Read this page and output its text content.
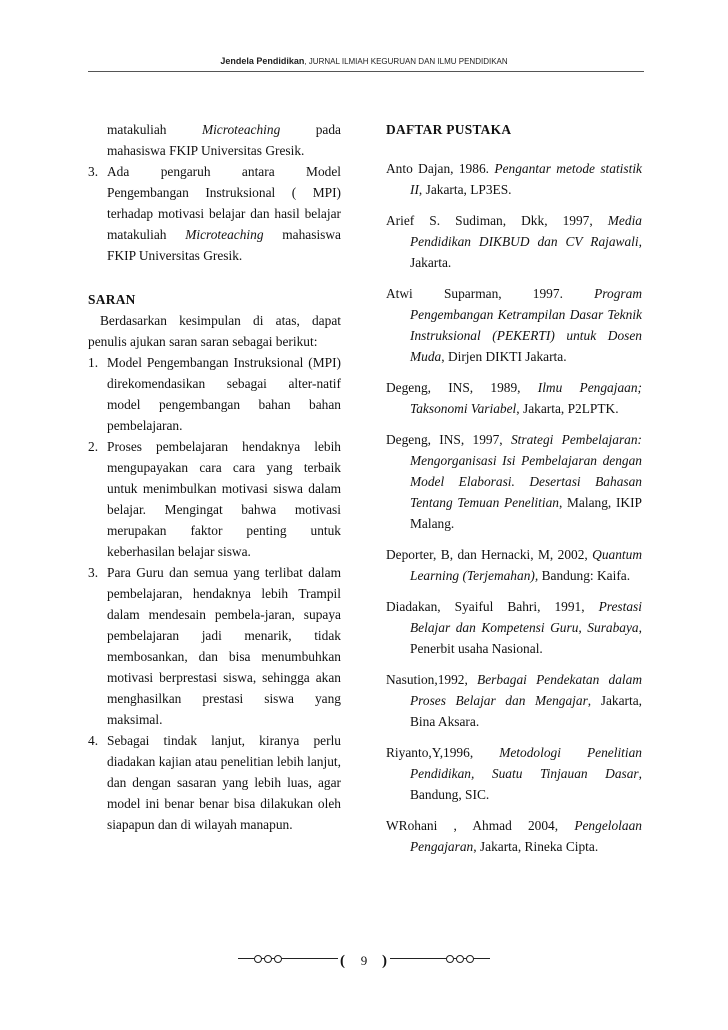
Jendela Pendidikan, JURNAL ILMIAH KEGURUAN DAN ILMU PENDIDIKAN
matakuliah	Microteaching	pada
mahasiswa FKIP Universitas Gresik.
3. Ada pengaruh antara Model Pengembangan Instruksional ( MPI) terhadap motivasi belajar dan hasil belajar matakuliah Microteaching mahasiswa FKIP Universitas Gresik.
SARAN
Berdasarkan kesimpulan di atas, dapat penulis ajukan saran saran sebagai berikut:
1. Model Pengembangan Instruksional (MPI) direkomendasikan sebagai alter-natif model pengembangan bahan bahan pembelajaran.
2. Proses pembelajaran hendaknya lebih mengupayakan cara cara yang terbaik untuk menimbulkan motivasi siswa dalam belajar. Mengingat bahwa motivasi merupakan faktor penting untuk keberhasilan belajar siswa.
3. Para Guru dan semua yang terlibat dalam pembelajaran, hendaknya lebih Trampil dalam mendesain pembela-jaran, supaya pembelajaran jadi menarik, tidak membosankan, dan bisa menumbuhkan motivasi berprestasi siswa, sehingga akan menghasilkan prestasi siswa yang maksimal.
4. Sebagai tindak lanjut, kiranya perlu diadakan kajian atau penelitian lebih lanjut, dan dengan sasaran yang lebih luas, agar model ini benar benar bisa dilakukan oleh siapapun dan di wilayah manapun.
DAFTAR PUSTAKA
Anto Dajan, 1986. Pengantar metode statistik II, Jakarta, LP3ES.
Arief S. Sudiman, Dkk, 1997, Media Pendidikan DIKBUD dan CV Rajawali, Jakarta.
Atwi Suparman, 1997. Program Pengembangan Ketrampilan Dasar Teknik Instruksional (PEKERTI) untuk Dosen Muda, Dirjen DIKTI Jakarta.
Degeng, INS, 1989, Ilmu Pengajaan; Taksonomi Variabel, Jakarta, P2LPTK.
Degeng, INS, 1997, Strategi Pembelajaran: Mengorganisasi Isi Pembelajaran dengan Model Elaborasi. Desertasi Bahasan Tentang Temuan Penelitian, Malang, IKIP Malang.
Deporter, B, dan Hernacki, M, 2002, Quantum Learning (Terjemahan), Bandung: Kaifa.
Diadakan, Syaiful Bahri, 1991, Prestasi Belajar dan Kompetensi Guru, Surabaya, Penerbit usaha Nasional.
Nasution,1992, Berbagai Pendekatan dalam Proses Belajar dan Mengajar, Jakarta, Bina Aksara.
Riyanto,Y,1996, Metodologi Penelitian Pendidikan, Suatu Tinjauan Dasar, Bandung, SIC.
WRohani , Ahmad 2004, Pengelolaan Pengajaran, Jakarta, Rineka Cipta.
(	9 )
